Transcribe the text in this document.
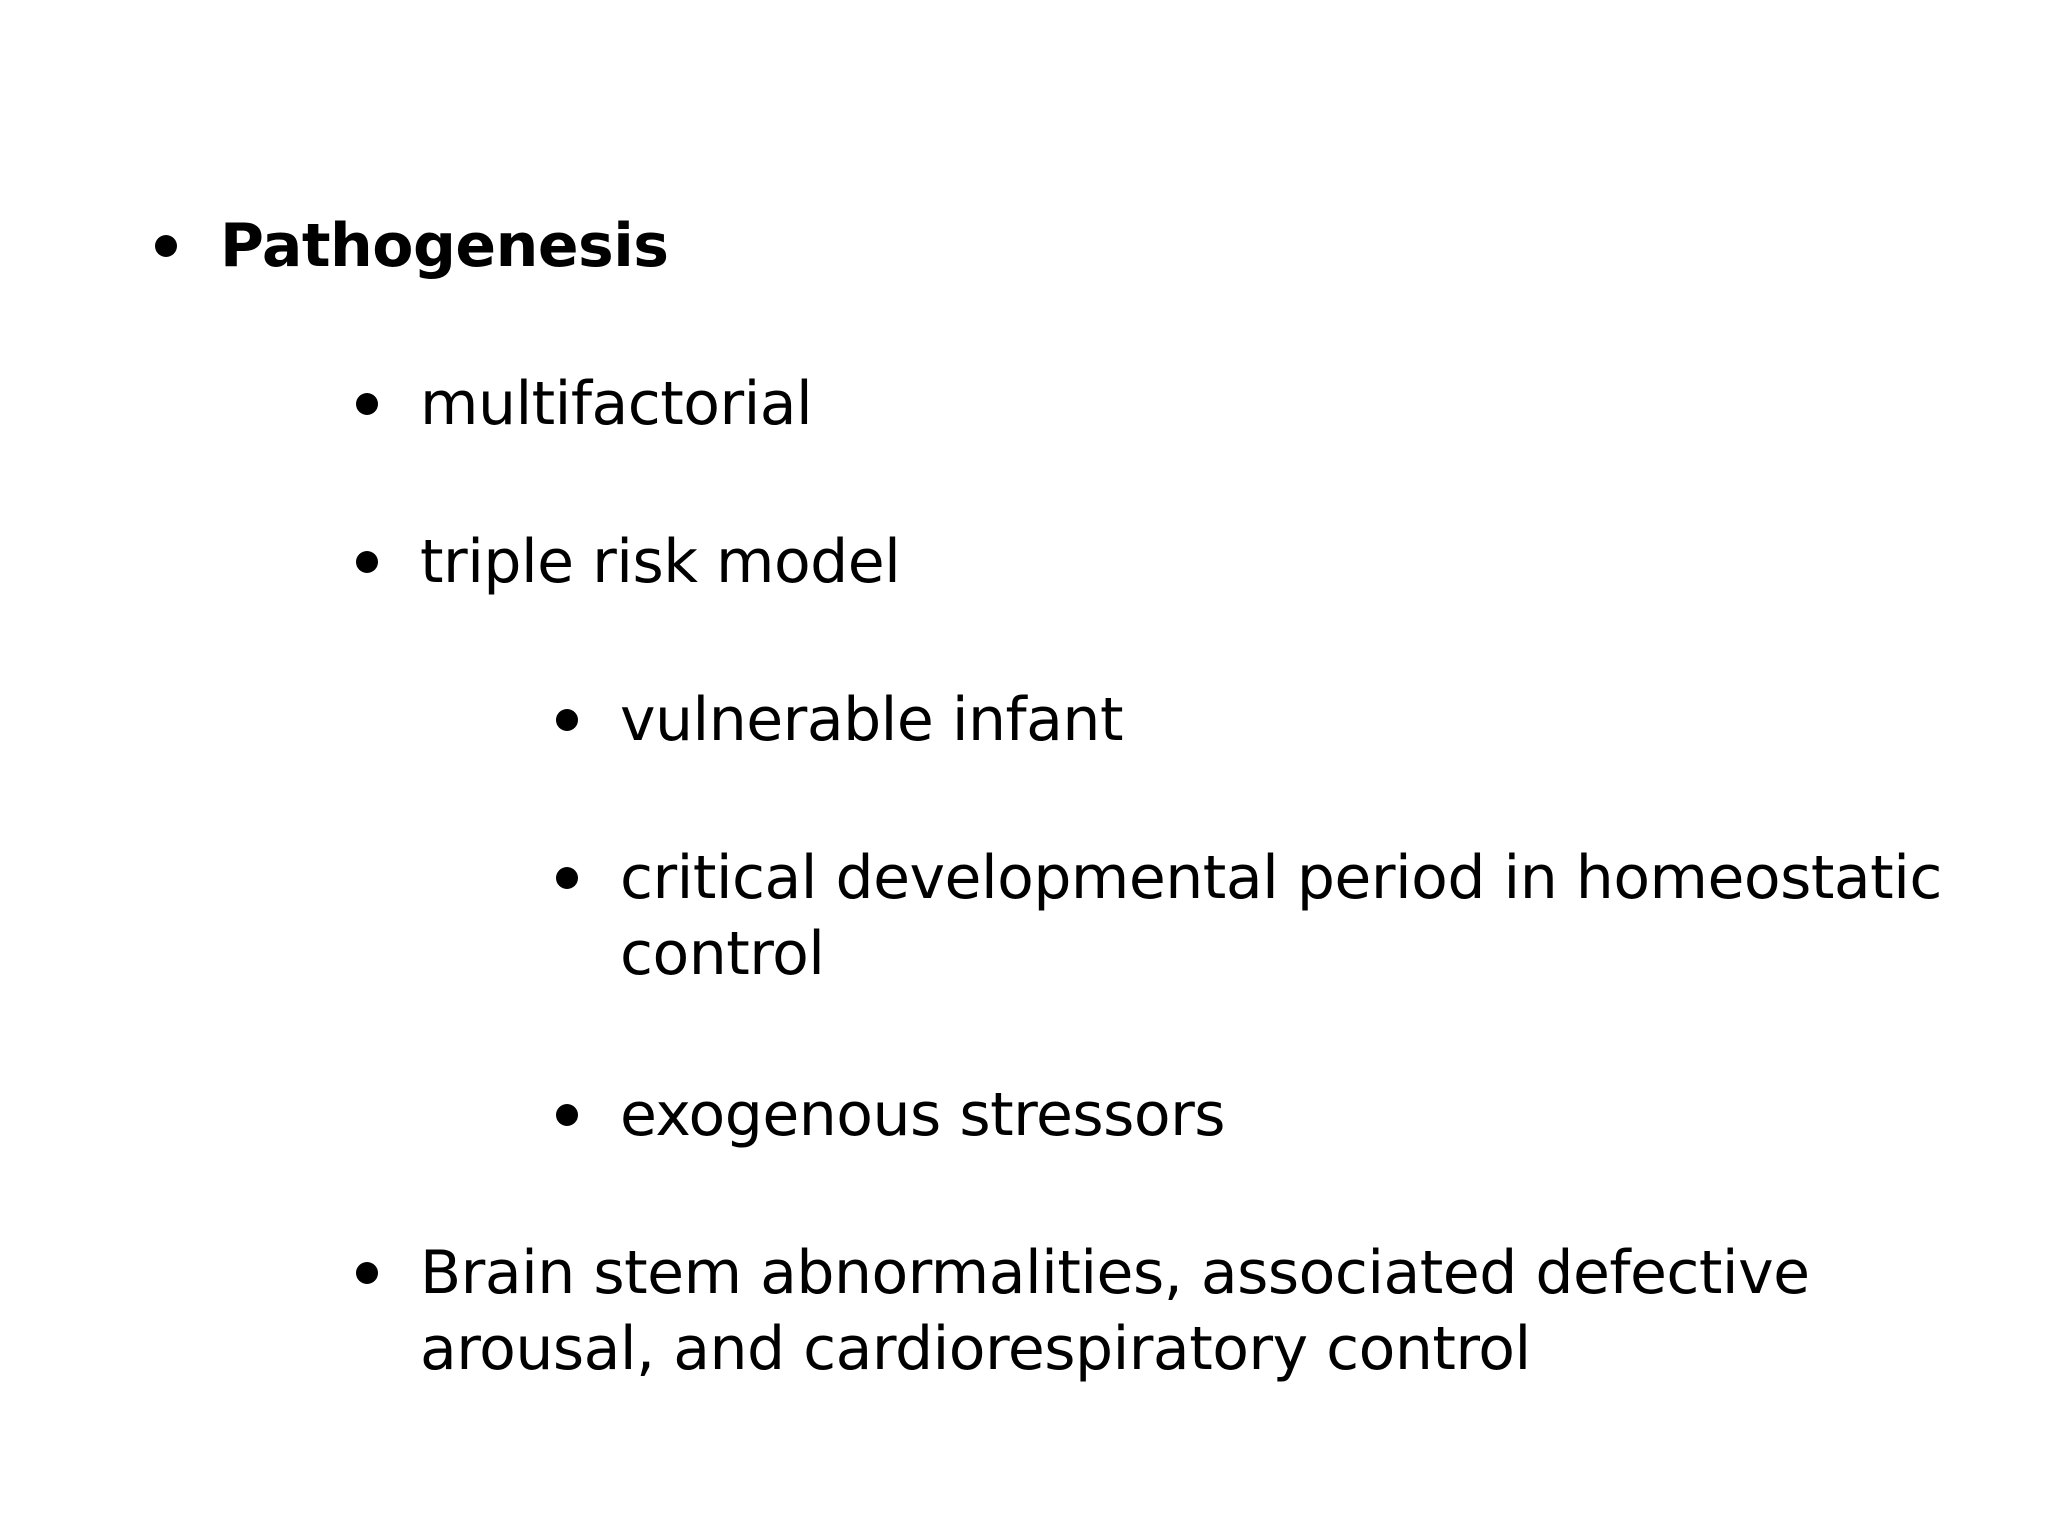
Pathogenesis
multifactorial
triple risk model
vulnerable infant
critical developmental period in homeostatic
control
exogenous stressors
Brain stem abnormalities, associated defective
arousal, and cardiorespiratory control
